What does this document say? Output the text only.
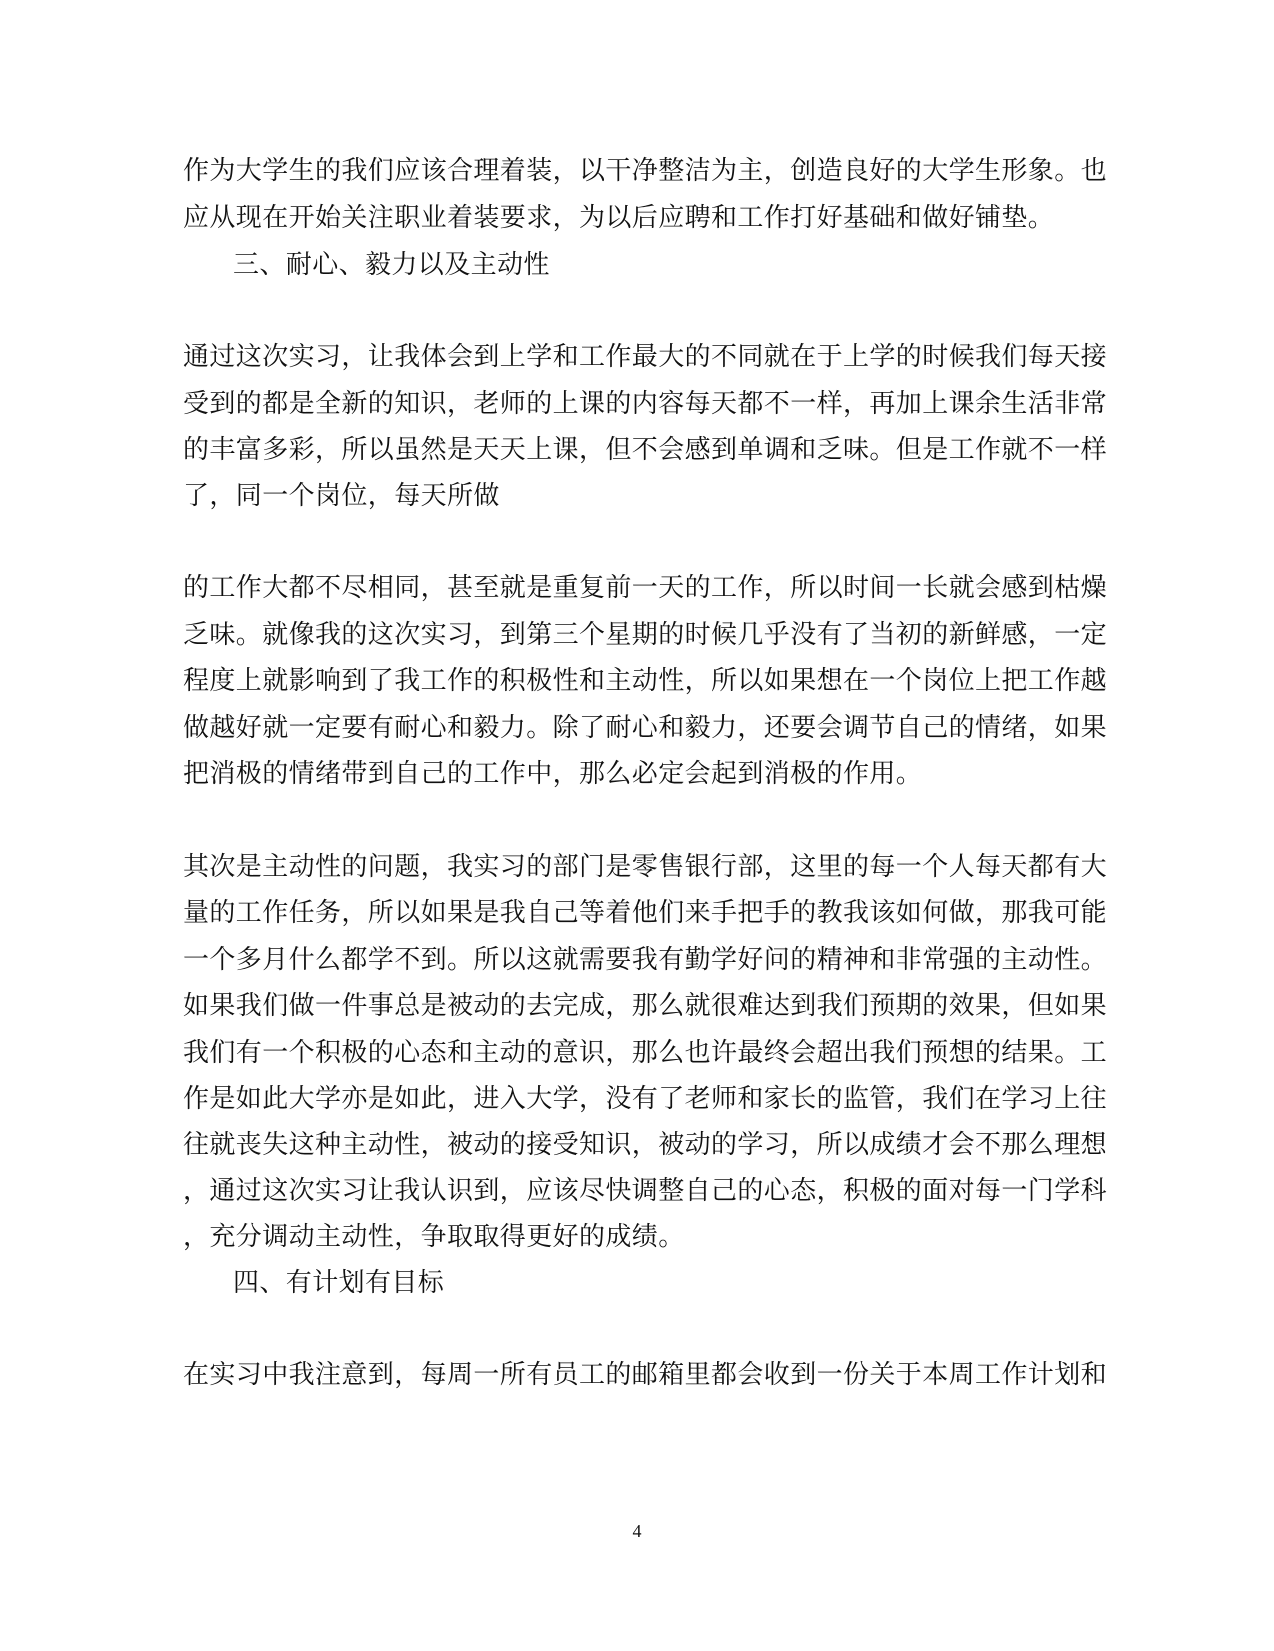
作为大学生的我们应该合理着装，以干净整洁为主，创造良好的大学生形象。也
应从现在开始关注职业着装要求，为以后应聘和工作打好基础和做好铺垫。
三、耐心、毅力以及主动性
通过这次实习，让我体会到上学和工作最大的不同就在于上学的时候我们每天接
受到的都是全新的知识，老师的上课的内容每天都不一样，再加上课余生活非常
的丰富多彩，所以虽然是天天上课，但不会感到单调和乏味。但是工作就不一样
了，同一个岗位，每天所做
的工作大都不尽相同，甚至就是重复前一天的工作，所以时间一长就会感到枯燥
乏味。就像我的这次实习，到第三个星期的时候几乎没有了当初的新鲜感，一定
程度上就影响到了我工作的积极性和主动性，所以如果想在一个岗位上把工作越
做越好就一定要有耐心和毅力。除了耐心和毅力，还要会调节自己的情绪，如果
把消极的情绪带到自己的工作中，那么必定会起到消极的作用。
其次是主动性的问题，我实习的部门是零售银行部，这里的每一个人每天都有大
量的工作任务，所以如果是我自己等着他们来手把手的教我该如何做，那我可能
一个多月什么都学不到。所以这就需要我有勤学好问的精神和非常强的主动性。
如果我们做一件事总是被动的去完成，那么就很难达到我们预期的效果，但如果
我们有一个积极的心态和主动的意识，那么也许最终会超出我们预想的结果。工
作是如此大学亦是如此，进入大学，没有了老师和家长的监管，我们在学习上往
往就丧失这种主动性，被动的接受知识，被动的学习，所以成绩才会不那么理想
，通过这次实习让我认识到，应该尽快调整自己的心态，积极的面对每一门学科
，充分调动主动性，争取取得更好的成绩。
四、有计划有目标
在实习中我注意到，每周一所有员工的邮箱里都会收到一份关于本周工作计划和
4
